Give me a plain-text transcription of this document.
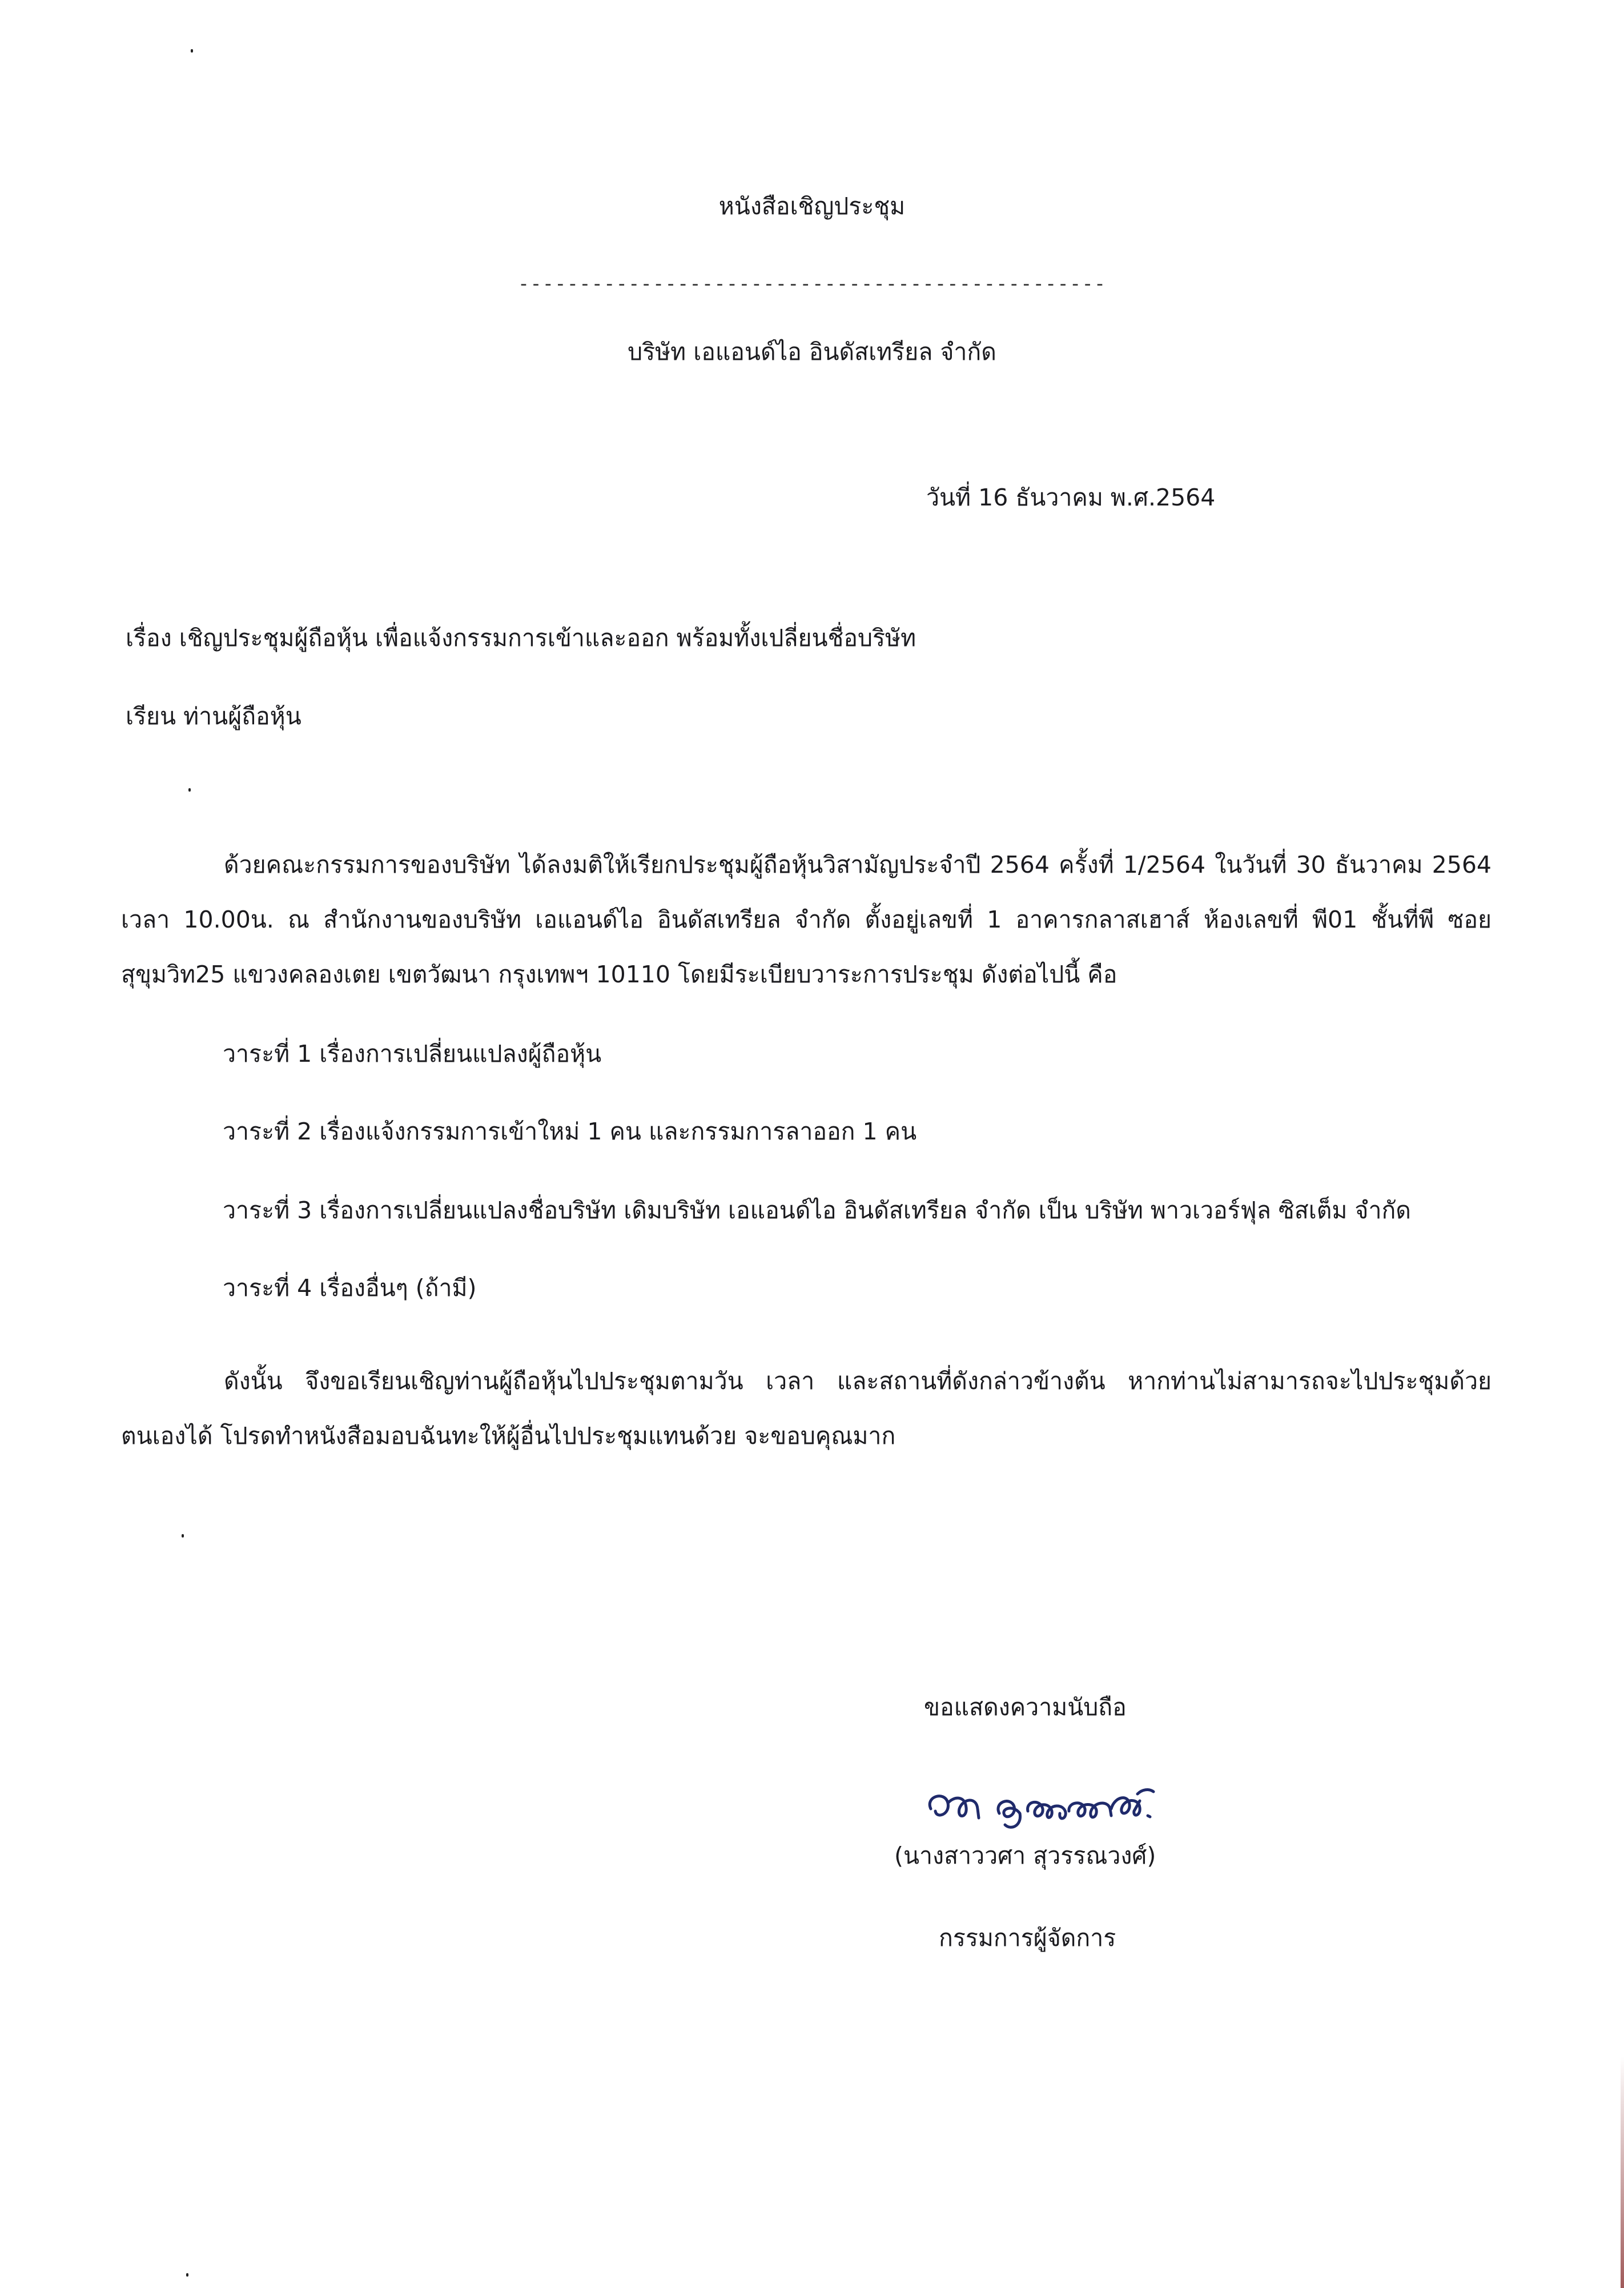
หนังสือเชิญประชุม

------------------------------------------------

บริษัท เอแอนด์ไอ อินดัสเทรียล จำกัด

วันที่ 16 ธันวาคม พ.ศ.2564

เรื่อง เชิญประชุมผู้ถือหุ้น เพื่อแจ้งกรรมการเข้าและออก พร้อมทั้งเปลี่ยนชื่อบริษัท

เรียน ท่านผู้ถือหุ้น

ด้วยคณะกรรมการของบริษัท ได้ลงมติให้เรียกประชุมผู้ถือหุ้นวิสามัญประจำปี 2564 ครั้งที่ 1/2564 ในวันที่ 30 ธันวาคม 2564 เวลา 10.00น. ณ สำนักงานของบริษัท เอแอนด์ไอ อินดัสเทรียล จำกัด ตั้งอยู่เลขที่ 1 อาคารกลาสเฮาส์ ห้องเลขที่ พี01 ชั้นที่พี ซอยสุขุมวิท25 แขวงคลองเตย เขตวัฒนา กรุงเทพฯ 10110 โดยมีระเบียบวาระการประชุม ดังต่อไปนี้ คือ

วาระที่ 1 เรื่องการเปลี่ยนแปลงผู้ถือหุ้น

วาระที่ 2 เรื่องแจ้งกรรมการเข้าใหม่ 1 คน และกรรมการลาออก 1 คน

วาระที่ 3 เรื่องการเปลี่ยนแปลงชื่อบริษัท เดิมบริษัท เอแอนด์ไอ อินดัสเทรียล จำกัด เป็น บริษัท พาวเวอร์ฟุล ซิสเต็ม จำกัด

วาระที่ 4 เรื่องอื่นๆ (ถ้ามี)

ดังนั้น จึงขอเรียนเชิญท่านผู้ถือหุ้นไปประชุมตามวัน เวลา และสถานที่ดังกล่าวข้างต้น หากท่านไม่สามารถจะไปประชุมด้วยตนเองได้ โปรดทำหนังสือมอบฉันทะให้ผู้อื่นไปประชุมแทนด้วย จะขอบคุณมาก

ขอแสดงความนับถือ

(นางสาววศา สุวรรณวงศ์)

กรรมการผู้จัดการ
